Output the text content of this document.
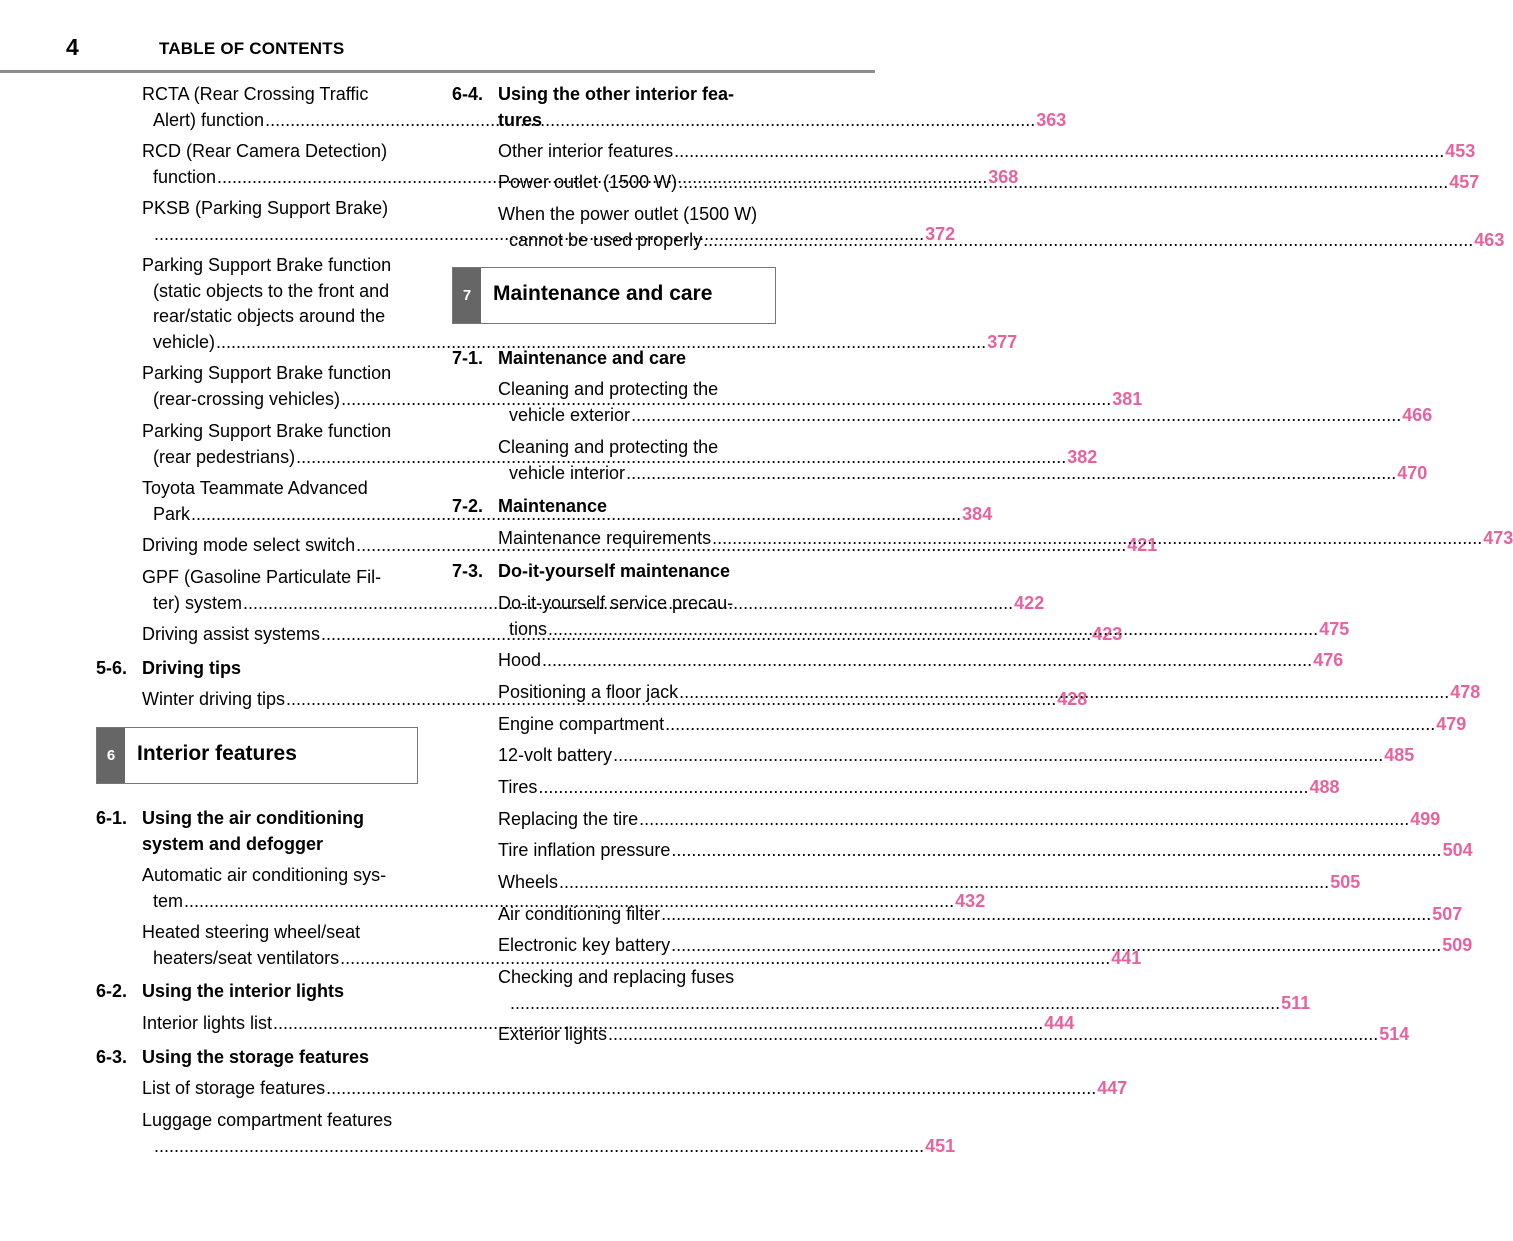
4	TABLE OF CONTENTS
RCTA (Rear Crossing Traffic
Alert) function .....	363
RCD (Rear Camera Detection)
function .....	368
PKSB (Parking Support Brake)
..... 372
Parking Support Brake function
(static objects to the front and
rear/static objects around the
vehicle) .....	377
Parking Support Brake function
(rear-crossing vehicles) .....	381
Parking Support Brake function
(rear pedestrians) .....	382
Toyota Teammate Advanced
Park .....	384
Driving mode select switch .....	421
GPF (Gasoline Particulate Fil-
ter) system .....	422
Driving assist systems .....	423
5-6. Driving tips
Winter driving tips .....	428
6	Interior features
6-1. Using the air conditioning
system and defogger
Automatic air conditioning sys-
tem .....	432
Heated steering wheel/seat
heaters/seat ventilators .....	441
6-2. Using the interior lights
Interior lights list .....	444
6-3. Using the storage features
List of storage features .....	447
Luggage compartment features
..... 451
6-4. Using the other interior fea-
tures
Other interior features .....	453
Power outlet (1500 W) .....	457
When the power outlet (1500 W)
cannot be used properly .....	463
7	Maintenance and care
7-1. Maintenance and care
Cleaning and protecting the
vehicle exterior .....	466
Cleaning and protecting the
vehicle interior .....	470
7-2. Maintenance
Maintenance requirements .....	473
7-3. Do-it-yourself maintenance
Do-it-yourself service precau-
tions .....	475
Hood .....	476
Positioning a floor jack .....	478
Engine compartment .....	479
12-volt battery .....	485
Tires .....	488
Replacing the tire .....	499
Tire inflation pressure .....	504
Wheels .....	505
Air conditioning filter .....	507
Electronic key battery .....	509
Checking and replacing fuses
..... 511
Exterior lights .....	514
